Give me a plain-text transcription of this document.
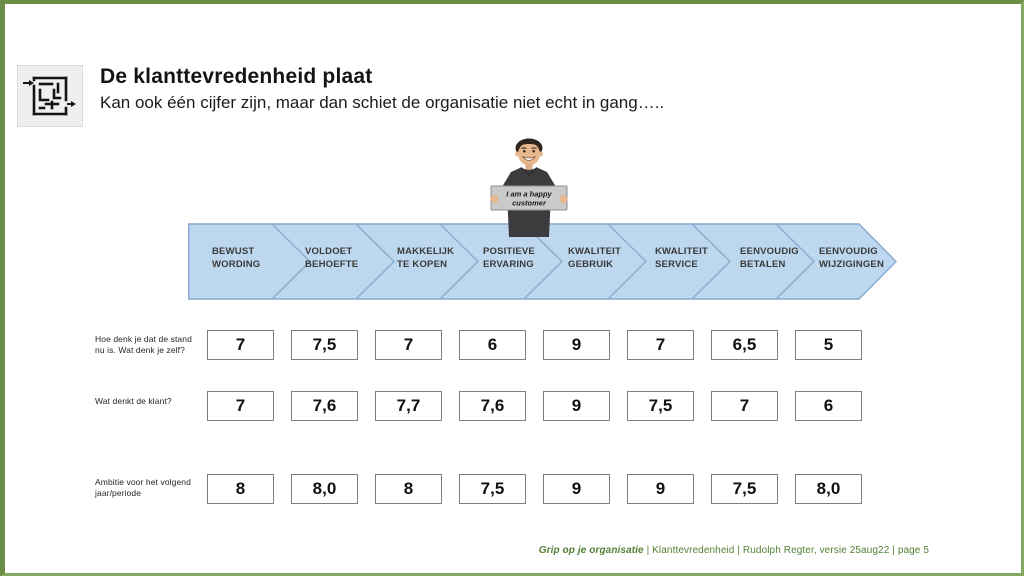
De klanttevredenheid plaat
Kan ook één cijfer zijn, maar dan schiet de organisatie niet echt in gang…..
I am a happy
customer
BEWUST
WORDING
VOLDOET
BEHOEFTE
MAKKELIJK
TE KOPEN
POSITIEVE
ERVARING
KWALITEIT
GEBRUIK
KWALITEIT
SERVICE
EENVOUDIG
BETALEN
EENVOUDIG
WIJZIGINGEN
Hoe denk je dat de stand
nu is. Wat denk je zelf?	7	7,5	7	6	9	7	6,5	5
Wat denkt de klant?	7	7,6	7,7	7,6	9	7,5	7	6
Ambitie voor het volgend
jaar/periode	8	8,0	8	7,5	9	9	7,5	8,0
Grip op je organisatie | Klanttevredenheid | Rudolph Regter, versie 25aug22 | page 5
